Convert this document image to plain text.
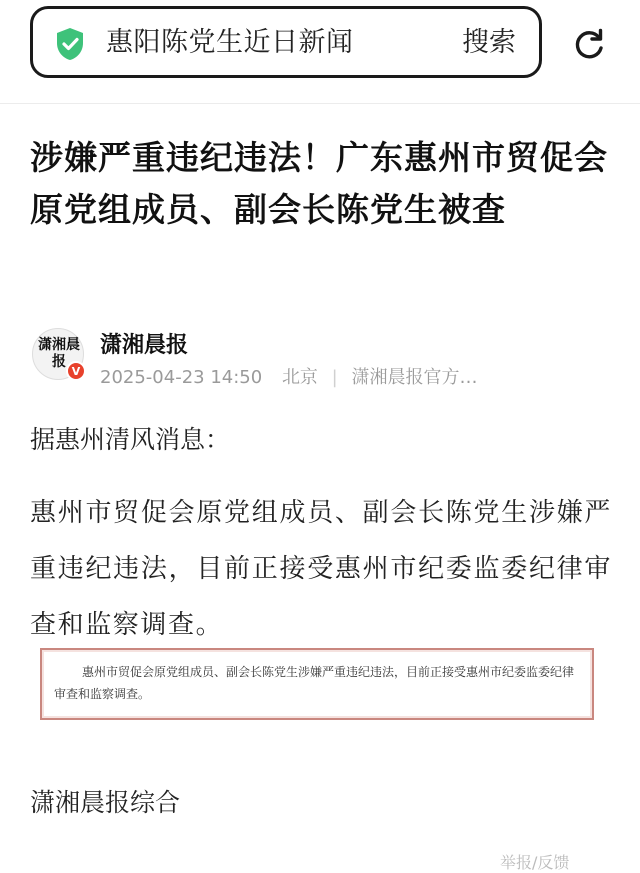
惠阳陈党生近日新闻	搜索
涉嫌严重违纪违法！广东惠州市贸促会原党组成员、副会长陈党生被查
潇湘晨报
V
潇湘晨报
2025-04-23 14:50 北京 | 潇湘晨报官方…

据惠州清风消息：

惠州市贸促会原党组成员、副会长陈党生涉嫌严重违纪违法，目前正接受惠州市纪委监委纪律审查和监察调查。

惠州市贸促会原党组成员、副会长陈党生涉嫌严重违纪违法，目前正接受惠州市纪委监委纪律审查和监察调查。
潇湘晨报综合
举报/反馈
